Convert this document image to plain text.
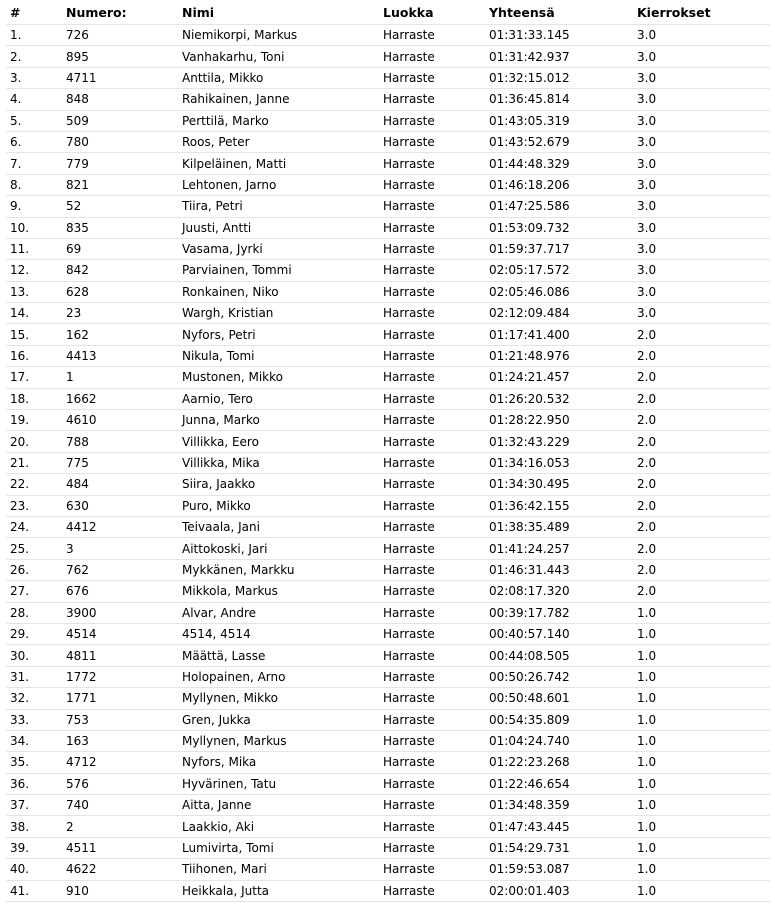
#	Numero:	Nimi	Luokka	Yhteensä	Kierrokset
1.	726	Niemikorpi, Markus	Harraste	01:31:33.145	3.0
2.	895	Vanhakarhu, Toni	Harraste	01:31:42.937	3.0
3.	4711	Anttila, Mikko	Harraste	01:32:15.012	3.0
4.	848	Rahikainen, Janne	Harraste	01:36:45.814	3.0
5.	509	Perttilä, Marko	Harraste	01:43:05.319	3.0
6.	780	Roos, Peter	Harraste	01:43:52.679	3.0
7.	779	Kilpeläinen, Matti	Harraste	01:44:48.329	3.0
8.	821	Lehtonen, Jarno	Harraste	01:46:18.206	3.0
9.	52	Tiira, Petri	Harraste	01:47:25.586	3.0
10.	835	Juusti, Antti	Harraste	01:53:09.732	3.0
11.	69	Vasama, Jyrki	Harraste	01:59:37.717	3.0
12.	842	Parviainen, Tommi	Harraste	02:05:17.572	3.0
13.	628	Ronkainen, Niko	Harraste	02:05:46.086	3.0
14.	23	Wargh, Kristian	Harraste	02:12:09.484	3.0
15.	162	Nyfors, Petri	Harraste	01:17:41.400	2.0
16.	4413	Nikula, Tomi	Harraste	01:21:48.976	2.0
17.	1	Mustonen, Mikko	Harraste	01:24:21.457	2.0
18.	1662	Aarnio, Tero	Harraste	01:26:20.532	2.0
19.	4610	Junna, Marko	Harraste	01:28:22.950	2.0
20.	788	Villikka, Eero	Harraste	01:32:43.229	2.0
21.	775	Villikka, Mika	Harraste	01:34:16.053	2.0
22.	484	Siira, Jaakko	Harraste	01:34:30.495	2.0
23.	630	Puro, Mikko	Harraste	01:36:42.155	2.0
24.	4412	Teivaala, Jani	Harraste	01:38:35.489	2.0
25.	3	Aittokoski, Jari	Harraste	01:41:24.257	2.0
26.	762	Mykkänen, Markku	Harraste	01:46:31.443	2.0
27.	676	Mikkola, Markus	Harraste	02:08:17.320	2.0
28.	3900	Alvar, Andre	Harraste	00:39:17.782	1.0
29.	4514	4514, 4514	Harraste	00:40:57.140	1.0
30.	4811	Määttä, Lasse	Harraste	00:44:08.505	1.0
31.	1772	Holopainen, Arno	Harraste	00:50:26.742	1.0
32.	1771	Myllynen, Mikko	Harraste	00:50:48.601	1.0
33.	753	Gren, Jukka	Harraste	00:54:35.809	1.0
34.	163	Myllynen, Markus	Harraste	01:04:24.740	1.0
35.	4712	Nyfors, Mika	Harraste	01:22:23.268	1.0
36.	576	Hyvärinen, Tatu	Harraste	01:22:46.654	1.0
37.	740	Aitta, Janne	Harraste	01:34:48.359	1.0
38.	2	Laakkio, Aki	Harraste	01:47:43.445	1.0
39.	4511	Lumivirta, Tomi	Harraste	01:54:29.731	1.0
40.	4622	Tiihonen, Mari	Harraste	01:59:53.087	1.0
41.	910	Heikkala, Jutta	Harraste	02:00:01.403	1.0
